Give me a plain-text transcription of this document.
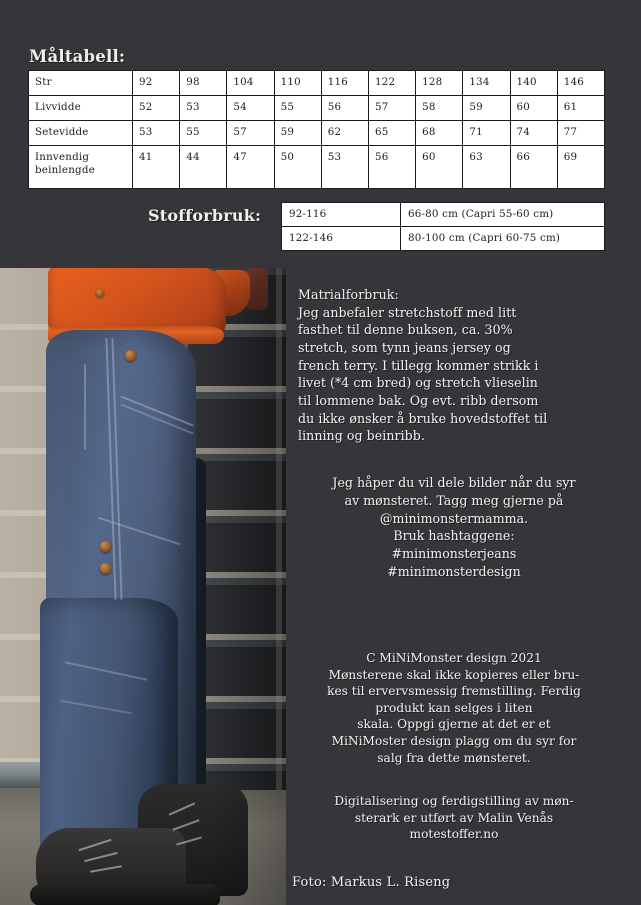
Måltabell:
Str	92	98	104	110	116	122	128	134	140	146
Livvidde	52	53	54	55	56	57	58	59	60	61
Setevidde	53	55	57	59	62	65	68	71	74	77
Innvendig beinlengde	41	44	47	50	53	56	60	63	66	69
Stofforbruk:	92-116	66-80 cm (Capri 55-60 cm)
122-146	80-100 cm (Capri 60-75 cm)
Matrialforbruk:
Jeg anbefaler stretchstoff med litt
fasthet til denne buksen, ca. 30%
stretch, som tynn jeans jersey og
french terry. I tillegg kommer strikk i
livet (*4 cm bred) og stretch vlieselin
til lommene bak. Og evt. ribb dersom
du ikke ønsker å bruke hovedstoffet til
linning og beinribb.
Jeg håper du vil dele bilder når du syr
av mønsteret. Tagg meg gjerne på
@minimonstermamma.
Bruk hashtaggene:
#minimonsterjeans
#minimonsterdesign
C MiNiMonster design 2021
Mønsterene skal ikke kopieres eller bru-
kes til ervervsmessig fremstilling. Ferdig
produkt kan selges i liten
skala. Oppgi gjerne at det er et
MiNiMoster design plagg om du syr for
salg fra dette mønsteret.
Digitalisering og ferdigstilling av møn-
sterark er utført av Malin Venås
motestoffer.no
Foto: Markus L. Riseng
